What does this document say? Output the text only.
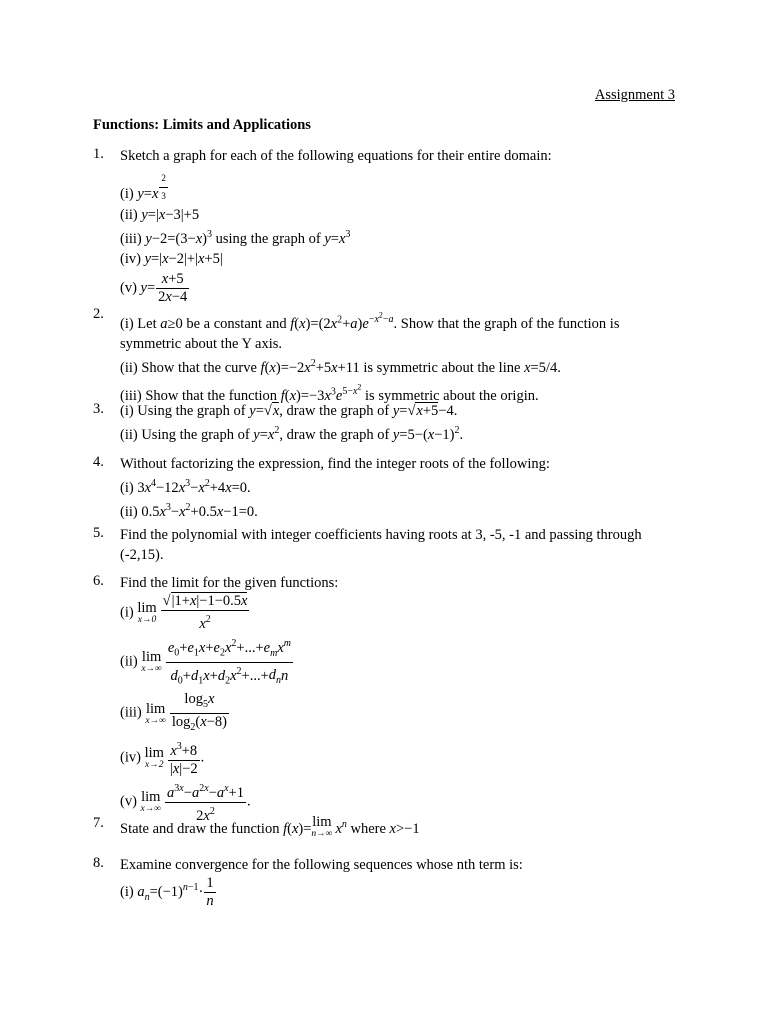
Assignment 3
Functions: Limits and Applications
1.	Sketch a graph for each of the following equations for their entire domain:
(i) y=x $^{\frac{2}{3}}$
(ii) y=|x−3|+5
(iii) $y-2=(3-x)^3$ using the graph of $y=x^3$
(iv) y=|x−2|+|x+5|
(v) $y= \frac{x+5}{2x-4}$
2.
(i) Let a≥0 be a constant and $f(x)=(2x^2+a)e^{-x^2-a}$. Show that the graph of the function is symmetric about the Y axis.
(ii) Show that the curve $f(x)=-2x^2+5x+11$ is symmetric about the line x=5/4.
(iii) Show that the function $f(x)=-3x^3e^{5-x^2}$ is symmetric about the origin.
3.	(i) Using the graph of y=√x, draw the graph of y=√x+5−4.
(ii) Using the graph of $y=x^2$, draw the graph of $y=5-(x-1)^2$.
4.	Without factorizing the expression, find the integer roots of the following:
(i) $3x^4-12x^3-x^2+4x=0$.
(ii) $0.5x^3-x^2+0.5x-1=0$.
5.	Find the polynomial with integer coefficients having roots at 3, -5, -1 and passing through (-2,15).
6.	Find the limit for the given functions:
(i) lim
$x\to 0 \frac{√|1+x|-1-0.5x}{x^2}$
(ii) lim
$x\to\infty \frac{e_0+e_1x+e_2x^2+...+e_mx^m}{d_0+d_1x+d_2x^2+...+d_nn}$
(iii) lim
$x\to\infty \frac{\log_5x}{\log_2(x-8)}$
(iv) lim
$x\to 2 \frac{x^3+8}{|x|-2}$ .
(v) lim
$x\to\infty \frac{a^{3x}-a^{2x}-a^x+1}{2x^2}$ .
7.	State and draw the function f(x)=lim
n→∞ $x^n$ where x>−1
8.	Examine convergence for the following sequences whose nth term is:
(i) $a_n=(-1)^{n-1}\cdot \frac{1}{n}$
